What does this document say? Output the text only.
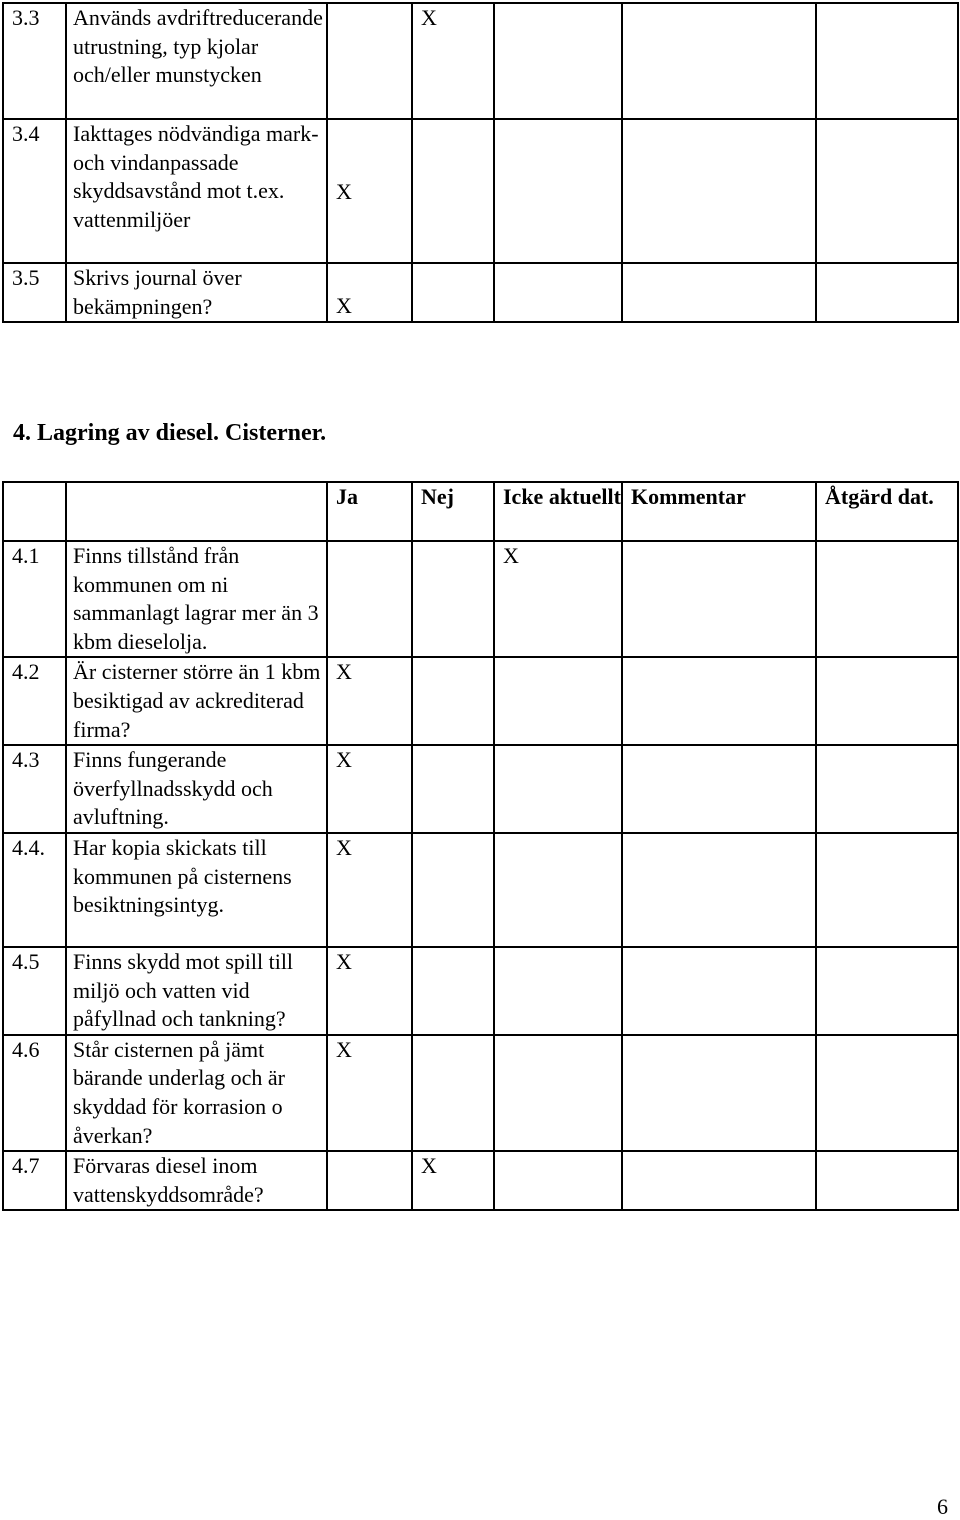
3.3	Används avdriftreducerande utrustning, typ kjolar och/eller munstycken		X			
3.4	Iakttages nödvändiga mark- och vindanpassade skyddsavstånd mot t.ex. vattenmiljöer	X				
3.5	Skrivs journal över bekämpningen?	X				
4. Lagring av diesel. Cisterner.
		Ja	Nej	Icke aktuellt	Kommentar	Åtgärd dat.
4.1	Finns tillstånd från kommunen om ni sammanlagt lagrar mer än 3 kbm dieselolja.			X		
4.2	Är cisterner större än 1 kbm besiktigad av ackrediterad firma?	X				
4.3	Finns fungerande överfyllnadsskydd och avluftning.	X				
4.4.	Har kopia skickats till kommunen på cisternens besiktningsintyg.	X				
4.5	Finns skydd mot spill till miljö och vatten vid påfyllnad och tankning?	X				
4.6	Står cisternen på jämt bärande underlag och är skyddad för korrasion o åverkan?	X				
4.7	Förvaras diesel inom vattenskyddsområde?		X			
6
